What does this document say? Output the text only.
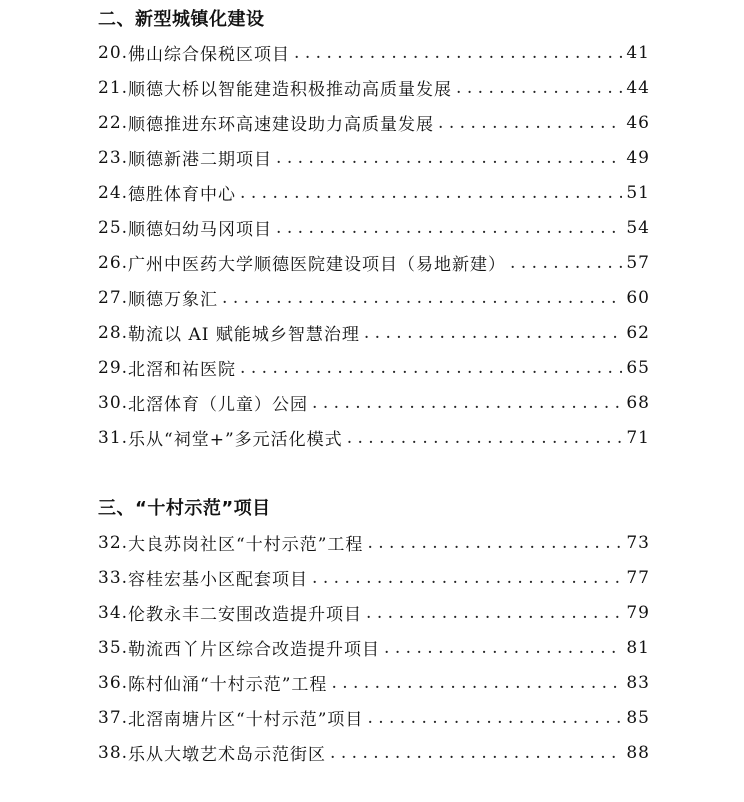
二、新型城镇化建设
20. 佛山综合保税区项目 . . .	41
21. 顺德大桥以智能建造积极推动高质量发展 . . .	44
22. 顺德推进东环高速建设助力高质量发展 . . .	46
23. 顺德新港二期项目 . . .	49
24. 德胜体育中心 . . .	51
25. 顺德妇幼马冈项目 . . .	54
26. 广州中医药大学顺德医院建设项目（易地新建） . . .	57
27. 顺德万象汇 . . .	60
28. 勒流以 AI 赋能城乡智慧治理 . . .	62
29. 北滘和祐医院 . . .	65
30. 北滘体育（儿童）公园 . . .	68
31. 乐从“祠堂+”多元活化模式 . . .	71
三、“十村示范”项目
32. 大良苏岗社区“十村示范”工程 . . .	73
33. 容桂宏基小区配套项目 . . .	77
34. 伦教永丰二安围改造提升项目 . . .	79
35. 勒流西丫片区综合改造提升项目 . . .	81
36. 陈村仙涌“十村示范”工程 . . .	83
37. 北滘南塘片区“十村示范”项目 . . .	85
38. 乐从大墩艺术岛示范街区 . . .	88
